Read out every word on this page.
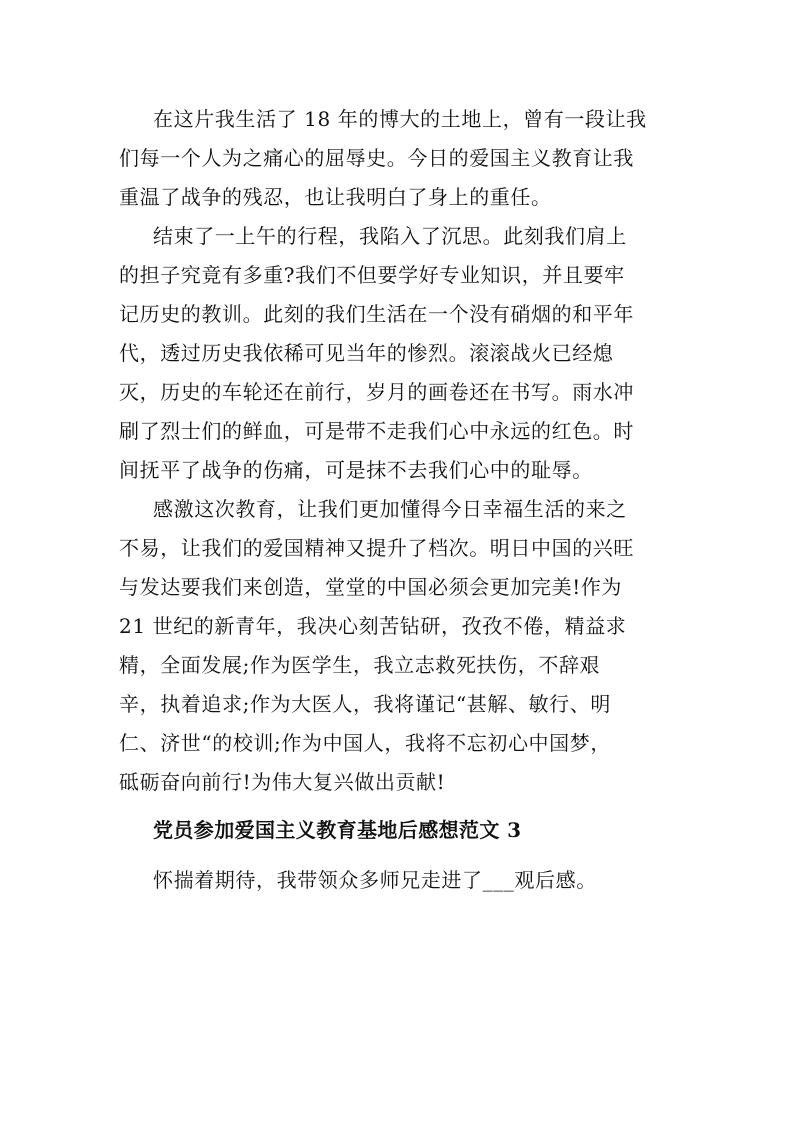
在这片我生活了 18 年的博大的土地上，曾有一段让我
们每一个人为之痛心的屈辱史。今日的爱国主义教育让我
重温了战争的残忍，也让我明白了身上的重任。
结束了一上午的行程，我陷入了沉思。此刻我们肩上
的担子究竟有多重?我们不但要学好专业知识，并且要牢
记历史的教训。此刻的我们生活在一个没有硝烟的和平年
代，透过历史我依稀可见当年的惨烈。滚滚战火已经熄
灭，历史的车轮还在前行，岁月的画卷还在书写。雨水冲
刷了烈士们的鲜血，可是带不走我们心中永远的红色。时
间抚平了战争的伤痛，可是抹不去我们心中的耻辱。
感激这次教育，让我们更加懂得今日幸福生活的来之
不易，让我们的爱国精神又提升了档次。明日中国的兴旺
与发达要我们来创造，堂堂的中国必须会更加完美!作为
21 世纪的新青年，我决心刻苦钻研，孜孜不倦，精益求
精，全面发展;作为医学生，我立志救死扶伤，不辞艰
辛，执着追求;作为大医人，我将谨记“甚解、敏行、明
仁、济世“的校训;作为中国人，我将不忘初心中国梦，
砥砺奋向前行!为伟大复兴做出贡献!
党员参加爱国主义教育基地后感想范文 3
怀揣着期待，我带领众多师兄走进了___观后感。
